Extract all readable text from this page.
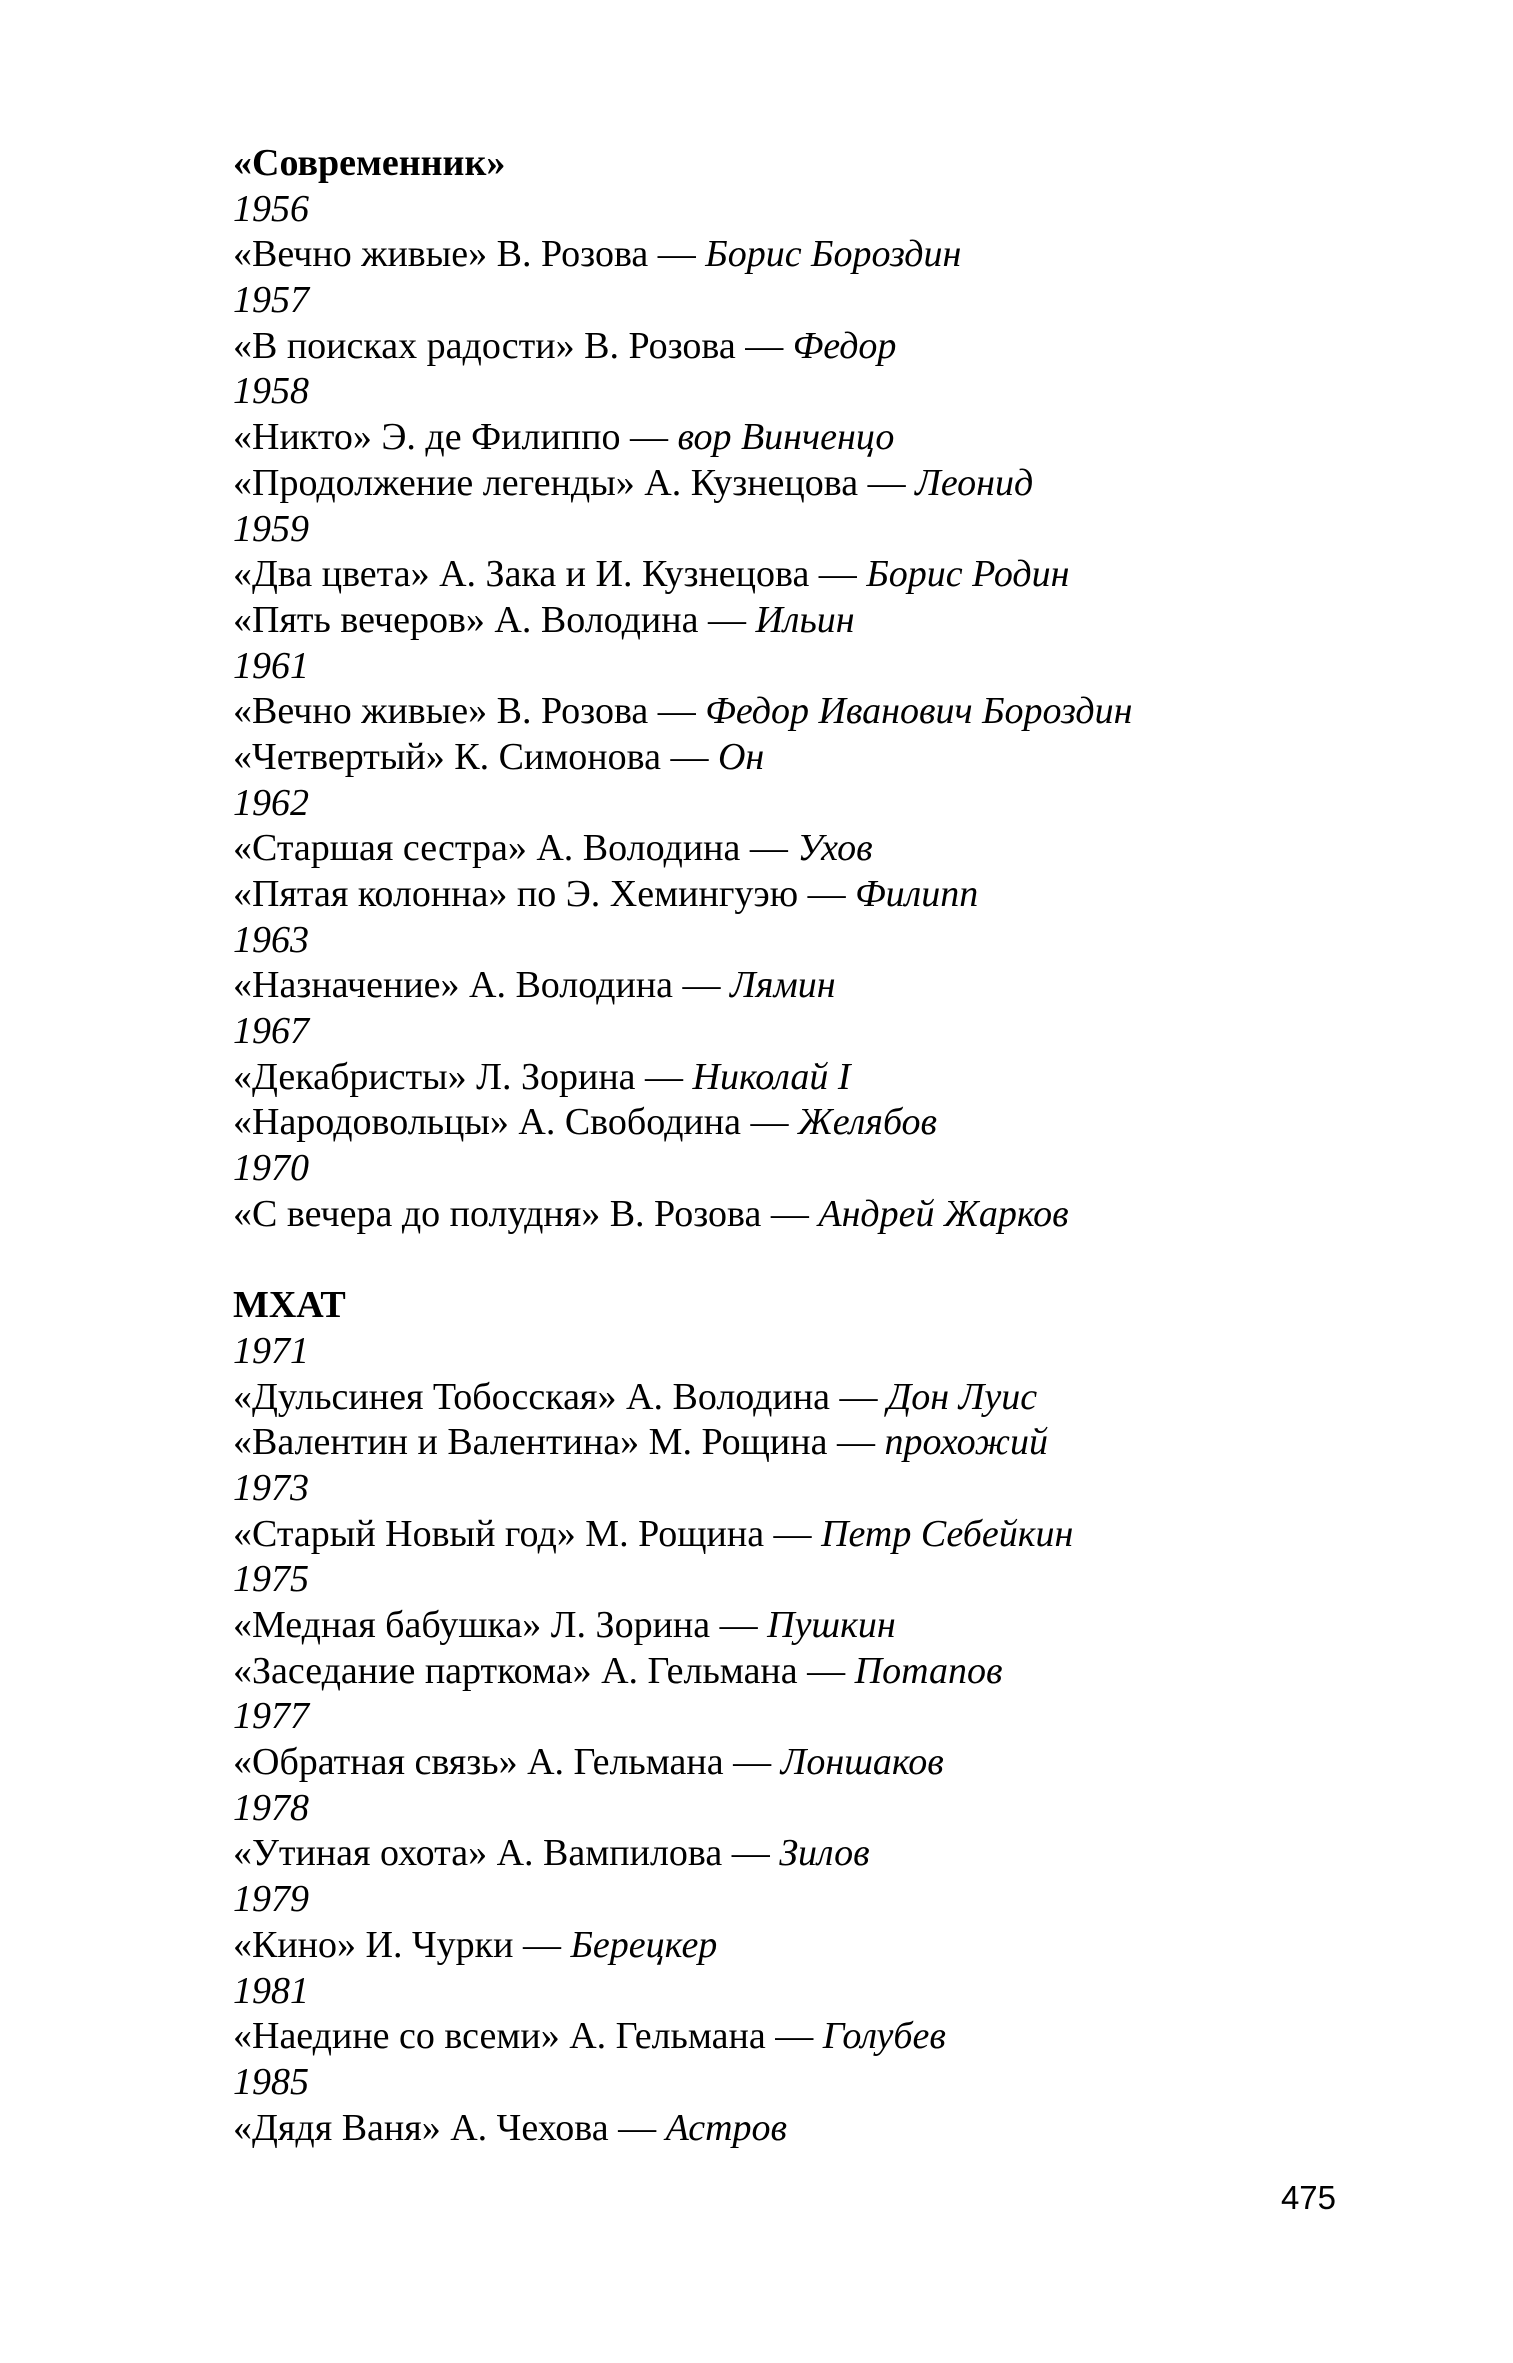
«Современник»
1956
«Вечно живые» В. Розова — Борис Бороздин
1957
«В поисках радости» В. Розова — Федор
1958
«Никто» Э. де Филиппо — вор Винченцо
«Продолжение легенды» А. Кузнецова — Леонид
1959
«Два цвета» А. Зака и И. Кузнецова — Борис Родин
«Пять вечеров» А. Володина — Ильин
1961
«Вечно живые» В. Розова — Федор Иванович Бороздин
«Четвертый» К. Симонова — Он
1962
«Старшая сестра» А. Володина — Ухов
«Пятая колонна» по Э. Хемингуэю — Филипп
1963
«Назначение» А. Володина — Лямин
1967
«Декабристы» Л. Зорина — Николай I
«Народовольцы» А. Свободина — Желябов
1970
«С вечера до полудня» В. Розова — Андрей Жарков
МХАТ
1971
«Дульсинея Тобосская» А. Володина — Дон Луис
«Валентин и Валентина» М. Рощина — прохожий
1973
«Старый Новый год» М. Рощина — Петр Себейкин
1975
«Медная бабушка» Л. Зорина — Пушкин
«Заседание парткома» А. Гельмана — Потапов
1977
«Обратная связь» А. Гельмана — Лоншаков
1978
«Утиная охота» А. Вампилова — Зилов
1979
«Кино» И. Чурки — Берецкер
1981
«Наедине со всеми» А. Гельмана — Голубев
1985
«Дядя Ваня» А. Чехова — Астров
475
